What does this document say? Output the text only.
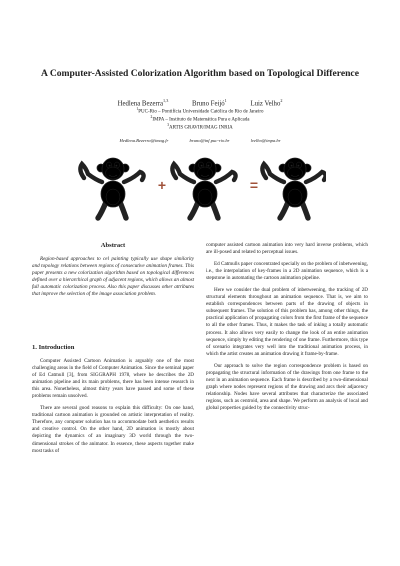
A Computer-Assisted Colorization Algorithm based on Topological Difference
Hedlena Bezerra$^{1,3}$	Bruno Feijó$^1$	Luiz Velho$^2$
$^1$PUC-Rio – Pontifícia Universidade Católica do Rio de Janeiro
$^2$IMPA – Instituto de Matemática Pura e Aplicada
$^3$ARTIS GRAVIR/IMAG INRIA
Hedlena.Bezerra@imag.fr	bruno@inf.puc-rio.br	lvelho@impa.br
+	=
Abstract

Region-based approaches to cel painting typically use shape similarity and topology relations between regions of consecutive animation frames. This paper presents a new colorization algorithm based on topological differences defined over a hierarchical graph of adjacent regions, which allows an almost full automatic colorization process. Also this paper discusses other attributes that improve the selection of the image association problem.

1. Introduction

Computer Assisted Cartoon Animation is arguably one of the most challenging areas in the field of Computer Animation. Since the seminal paper of Ed Catmull [3], from SIGGRAPH 1978, where he describes the 2D animation pipeline and its main problems, there has been intense research in this area. Nonetheless, almost thirty years have passed and some of these problems remain unsolved.

There are several good reasons to explain this difficulty: On one hand, traditional cartoon animation is grounded on artistic interpretation of reality. Therefore, any computer solution has to accommodate both aesthetics results and creative control. On the other hand, 2D animation is mostly about depicting the dynamics of an imaginary 3D world through the two-dimensional strokes of the animator. In essence, these aspects together make most tasks of

computer assisted cartoon animation into very hard inverse problems, which are ill-posed and related to perceptual issues.

Ed Catmulls paper concentrated specially on the problem of inbetweening, i.e., the interpolation of key-frames in a 2D animation sequence, which is a stepstone in automating the cartoon animation pipeline.

Here we consider the dual problem of inbetweening, the tracking of 2D structural elements throughout an animation sequence. That is, we aim to establish correspondences between parts of the drawing of objects in subsequent frames. The solution of this problem has, among other things, the practical application of propagating colors from the first frame of the sequence to all the other frames. Thus, it makes the task of inking a totally automatic process. It also allows very easily to change the look of an entire animation sequence, simply by editing the rendering of one frame. Furthermore, this type of scenario integrates very well into the traditional animation process, in which the artist creates an animation drawing it frame-by-frame.

Our approach to solve the region correspondence problem is based on propagating the structural information of the drawings from one frame to the next in an animation sequence. Each frame is described by a two-dimensional graph where nodes represent regions of the drawing and arcs their adjacency relationship. Nodes have several attributes that characterize the associated regions, such as centroid, area and shape. We perform an analysis of local and global properties guided by the connectivity struc-
